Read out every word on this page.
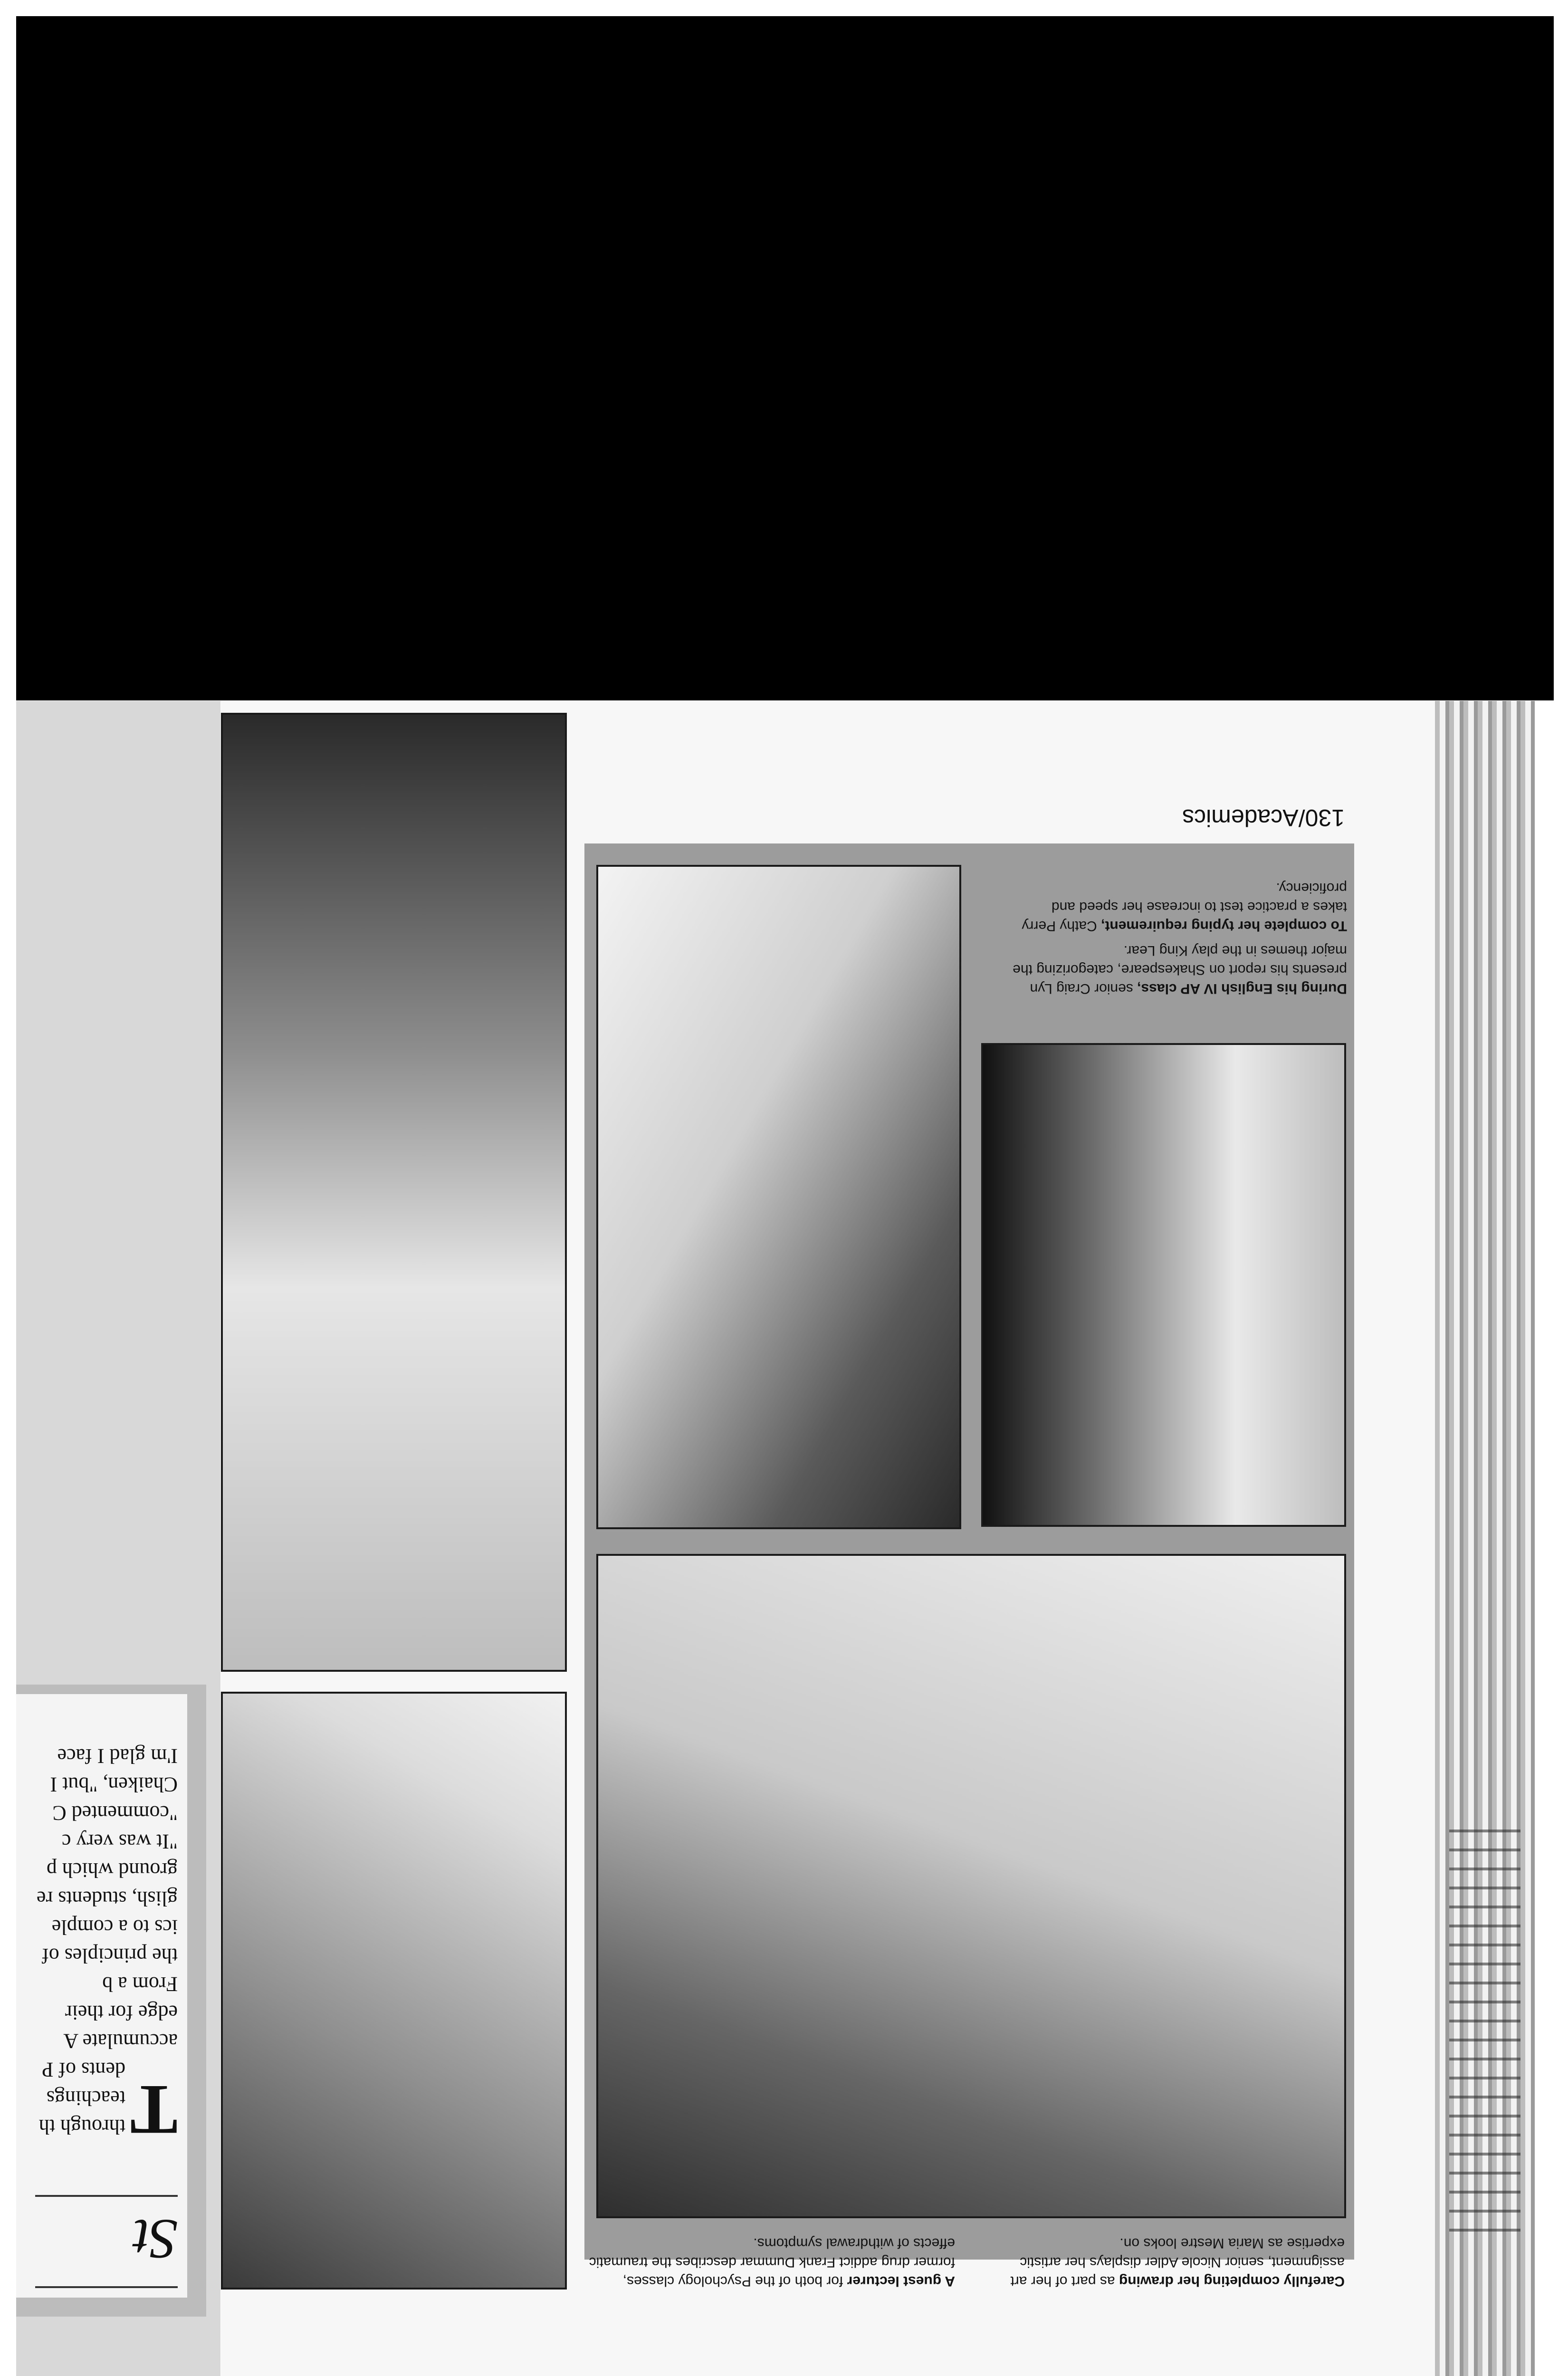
130/Academics

During his English IV AP class, senior Craig Lyn presents his report on Shakespeare, categorizing the major themes in the play King Lear.

To complete her typing requirement, Cathy Perry takes a practice test to increase her speed and proficiency.

Carefully completing her drawing as part of her art assignment, senior Nicole Adler displays her artistic expertise as Maria Mestre looks on.
A guest lecturer for both of the Psychology classes, former drug addict Frank Dummar describes the traumatic effects of withdrawal symptoms.
St
T
through th
teachings
dents of P
accumulate A
edge for their
From a b
the principles of
ics to a comple
glish, students re
ground which p
"It was very c
"commented C
Chaiken, "but I
I'm glad I face
